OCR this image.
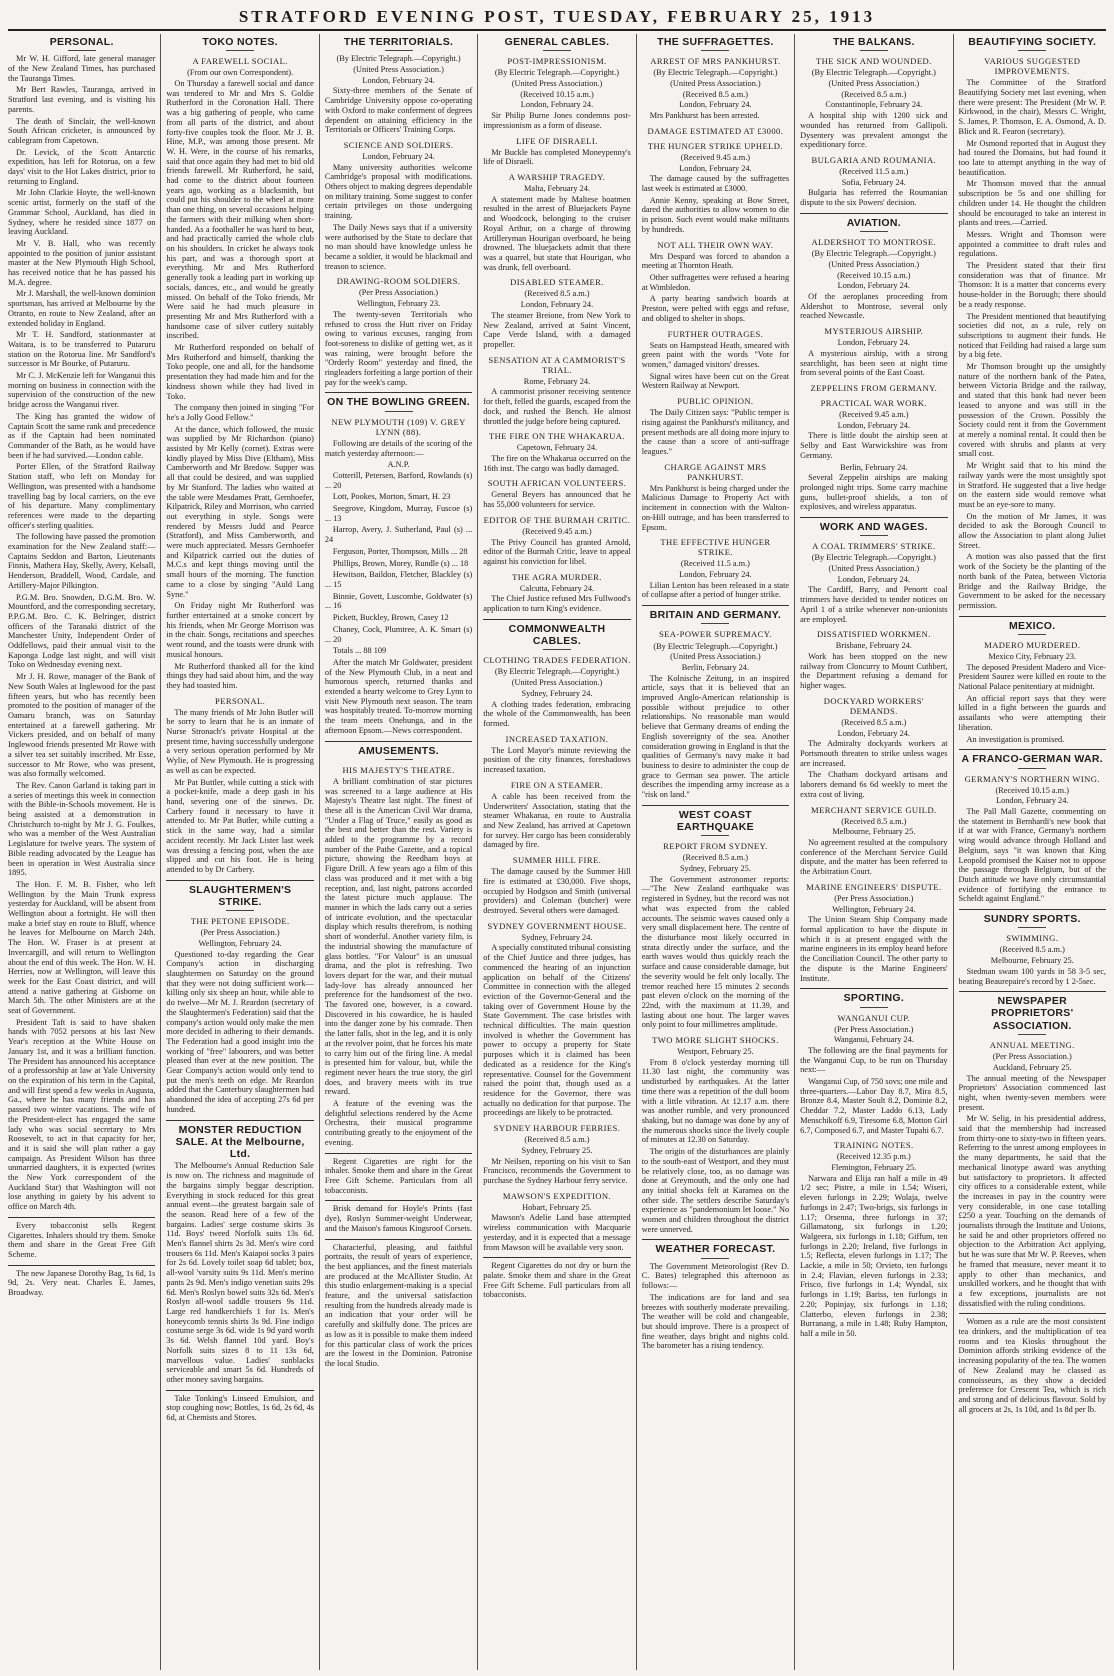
STRATFORD EVENING POST, TUESDAY, FEBRUARY 25, 1913
PERSONAL.

Mr W. H. Gifford, late general manager of the New Zealand Times, has purchased the Tauranga Times.

Mr Bert Rawles, Tauranga, arrived in Stratford last evening, and is visiting his parents.

The death of Sinclair, the well-known South African cricketer, is announced by cablegram from Capetown.

Dr. Levick, of the Scott Antarctic expedition, has left for Rotorua, on a few days' visit to the Hot Lakes district, prior to returning to England.

Mr John Clarkie Hoyte, the well-known scenic artist, formerly on the staff of the Grammar School, Auckland, has died in Sydney, where he resided since 1877 on leaving Auckland.

Mr V. B. Hall, who was recently appointed to the position of junior assistant master at the New Plymouth High School, has received notice that he has passed his M.A. degree.

Mr J. Marshall, the well-known dominion sportsman, has arrived at Melbourne by the Otranto, en route to New Zealand, after an extended holiday in England.

Mr T. H. Sandford, stationmaster at Waitara, is to be transferred to Putaruru station on the Rotorua line. Mr Sandford's successor is Mr Bourke, of Putaruru.

Mr C. J. McKenzie left for Wanganui this morning on business in connection with the supervision of the construction of the new bridge across the Wanganui river.

The King has granted the widow of Captain Scott the same rank and precedence as if the Captain had been nominated Commander of the Bath, as he would have been if he had survived.—London cable.

Porter Ellen, of the Stratford Railway Station staff, who left on Monday for Wellington, was presented with a handsome travelling bag by local carriers, on the eve of his departure. Many complimentary references were made to the departing officer's sterling qualities.

The following have passed the promotion examination for the New Zealand staff:—Captains Seddon and Barton, Lieutenants Finnis, Mathera Hay, Skelly, Avery, Kelsall, Henderson, Braddell, Wood, Cardale, and Artillery-Major Pilkington.

P.G.M. Bro. Snowden, D.G.M. Bro. W. Mountford, and the corresponding secretary, P.P.G.M. Bro. C. K. Belringer, district officers of the Taranaki district of the Manchester Unity, Independent Order of Oddfellows, paid their annual visit to the Kaponga Lodge last night, and will visit Toko on Wednesday evening next.

Mr J. H. Rowe, manager of the Bank of New South Wales at Inglewood for the past fifteen years, but who has recently been promoted to the position of manager of the Oamaru branch, was on Saturday entertained at a farewell gathering. Mr Vickers presided, and on behalf of many Inglewood friends presented Mr Rowe with a silver tea set suitably inscribed. Mr Esse, successor to Mr Rowe, who was present, was also formally welcomed.

The Rev. Canon Garland is taking part in a series of meetings this week in connection with the Bible-in-Schools movement. He is being assisted at a demonstration in Christchurch to-night by Mr J. G. Foulkes, who was a member of the West Australian Legislature for twelve years. The system of Bible reading advocated by the League has been in operation in West Australia since 1895.

The Hon. F. M. B. Fisher, who left Wellington by the Main Trunk express yesterday for Auckland, will be absent from Wellington about a fortnight. He will then make a brief stay en route to Bluff, whence he leaves for Melbourne on March 24th. The Hon. W. Fraser is at present at Invercargill, and will return to Wellington about the end of this week. The Hon. W. H. Herries, now at Wellington, will leave this week for the East Coast district, and will attend a native gathering at Gisborne on March 5th. The other Ministers are at the seat of Government.

President Taft is said to have shaken hands with 7052 persons at his last New Year's reception at the White House on January 1st, and it was a brilliant function. The President has announced his acceptance of a professorship at law at Yale University on the expiration of his term in the Capital, and will first spend a few weeks in Augusta, Ga., where he has many friends and has passed two winter vacations. The wife of the President-elect has engaged the same lady who was social secretary to Mrs Roosevelt, to act in that capacity for her, and it is said she will plan rather a gay campaign. As President Wilson has three unmarried daughters, it is expected (writes the New York correspondent of the Auckland Star) that Washington will not lose anything in gaiety by his advent to office on March 4th.

Every tobacconist sells Regent Cigarettes. Inhalers should try them. Smoke them and share in the Great Free Gift Scheme.

The new Japanese Dorothy Bag, 1s 6d, 1s 9d, 2s. Very neat. Charles E. James, Broadway.

TOKO NOTES.
A FAREWELL SOCIAL.
(From our own Correspondent).

On Thursday a farewell social and dance was tendered to Mr and Mrs S. Goldie Rutherford in the Coronation Hall. There was a big gathering of people, who came from all parts of the district, and about forty-five couples took the floor. Mr J. B. Hine, M.P., was among those present. Mr W. H. Were, in the course of his remarks, said that once again they had met to bid old friends farewell. Mr Rutherford, he said, had come to the district about fourteen years ago, working as a blacksmith, but could put his shoulder to the wheel at more than one thing, on several occasions helping the farmers with their milking when short-handed. As a footballer he was hard to beat, and had practically carried the whole club on his shoulders. In cricket he always took his part, and was a thorough sport at everything. Mr and Mrs Rutherford generally took a leading part in working up socials, dances, etc., and would be greatly missed. On behalf of the Toko friends, Mr Were said he had much pleasure in presenting Mr and Mrs Rutherford with a handsome case of silver cutlery suitably inscribed.

Mr Rutherford responded on behalf of Mrs Rutherford and himself, thanking the Toko people, one and all, for the handsome presentation they had made him and for the kindness shown while they had lived in Toko.

The company then joined in singing "For he's a Jolly Good Fellow."

At the dance, which followed, the music was supplied by Mr Richardson (piano) assisted by Mr Kelly (cornet). Extras were kindly played by Miss Dive (Eltham), Miss Camberworth and Mr Bredow. Supper was all that could be desired, and was supplied by Mr Stanford. The ladies who waited at the table were Mesdames Pratt, Gernhoefer, Kilpatrick, Riley and Morrison, who carried out everything in style. Songs were rendered by Messrs Judd and Pearce (Stratford), and Miss Camberworth, and were much appreciated. Messrs Gernhoefer and Kilpatrick carried out the duties of M.C.s and kept things moving until the small hours of the morning. The function came to a close by singing "Auld Lang Syne."

On Friday night Mr Rutherford was further entertained at a smoke concert by his friends, when Mr George Morrison was in the chair. Songs, recitations and speeches went round, and the toasts were drunk with musical honours.

Mr Rutherford thanked all for the kind things they had said about him, and the way they had toasted him.

PERSONAL.

The many friends of Mr John Butler will be sorry to learn that he is an inmate of Nurse Stronach's private Hospital at the present time, having successfully undergone a very serious operation performed by Mr Wylie, of New Plymouth. He is progressing as well as can be expected.

Mr Pat Buttler, while cutting a stick with a pocket-knife, made a deep gash in his hand, severing one of the sinews. Dr. Carbery found it necessary to have it attended to. Mr Pat Butler, while cutting a stick in the same way, had a similar accident recently. Mr Jack Lister last week was dressing a fencing post, when the axe slipped and cut his foot. He is being attended to by Dr Carbery.

SLAUGHTERMEN'S STRIKE.
THE PETONE EPISODE.
(Per Press Association.)
Wellington, February 24.

Questioned to-day regarding the Gear Company's action in discharging slaughtermen on Saturday on the ground that they were not doing sufficient work—killing only six sheep an hour, while able to do twelve—Mr M. J. Reardon (secretary of the Slaughtermen's Federation) said that the company's action would only make the men more decided in adhering to their demands. The Federation had a good insight into the working of "free" labourers, and was better pleased than ever at the new position. The Gear Company's action would only tend to put the men's teeth on edge. Mr Reardon added that the Canterbury slaughtermen had abandoned the idea of accepting 27s 6d per hundred.

MONSTER REDUCTION SALE. At the Melbourne, Ltd.

The Melbourne's Annual Reduction Sale is now on. The richness and magnitude of the bargains simply beggar description. Everything in stock reduced for this great annual event—the greatest bargain sale of the season. Read here of a few of the bargains. Ladies' serge costume skirts 3s 11d. Boys' tweed Norfolk suits 13s 6d. Men's flannel shirts 2s 3d. Men's wire cord trousers 6s 11d. Men's Kaiapoi socks 3 pairs for 2s 6d. Lovely toilet soap 6d tablet; box, all-wool 'varsity suits 9s 11d. Men's merino pants 2s 9d. Men's indigo venetian suits 29s 6d. Men's Roslyn bowel suits 32s 6d. Men's Roslyn all-wool saddle trousers 9s 11d. Large red handkerchiefs 1 for 1s. Men's honeycomb tennis shirts 3s 9d. Fine indigo costume serge 3s 6d. wide 1s 9d yard worth 3s 6d. Welsh flannel 10d yard. Boy's Norfolk suits sizes 8 to 11 13s 6d, marvellous value. Ladies' sunblacks serviceable and smart 5s 6d. Hundreds of other money saving bargains.

Take Tonking's Linseed Emulsion, and stop coughing now; Bottles, 1s 6d, 2s 6d, 4s 6d, at Chemists and Stores.

THE TERRITORIALS.
(By Electric Telegraph.—Copyright.)
(United Press Association.)
London, February 24.

Sixty-three members of the Senate of Cambridge University oppose co-operating with Oxford to make conferment of degrees dependent on attaining efficiency in the Territorials or Officers' Training Corps.

SCIENCE AND SOLDIERS.
London, February 24.

Many university authorities welcome Cambridge's proposal with modifications. Others object to making degrees dependable on military training. Some suggest to confer certain privileges on those undergoing training.

The Daily News says that if a university were authorised by the State to declare that no man should have knowledge unless he became a soldier, it would be blackmail and treason to science.

DRAWING-ROOM SOLDIERS.
(Per Press Association.)
Wellington, February 23.

The twenty-seven Territorials who refused to cross the Hutt river on Friday owing to various excuses, ranging from foot-soreness to dislike of getting wet, as it was raining, were brought before the "Orderly Room" yesterday and fined, the ringleaders forfeiting a large portion of their pay for the week's camp.

ON THE BOWLING GREEN.
NEW PLYMOUTH (109) V. GREY LYNN (88).

Following are details of the scoring of the match yesterday afternoon:—

A.N.P.

Cotterill, Petersen, Barford, Rowlands (s) ... 20

Lott, Pookes, Morton, Smart, H. 23

Seegrove, Kingdom, Murray, Fuscoe (s) ... 13

Harrop, Avery, J. Sutherland, Paul (s) ... 24

Ferguson, Porter, Thompson, Mills ... 28

Phillips, Brown, Morey, Rundle (s) ... 18

Hewitson, Baildon, Fletcher, Blackley (s) ... 15

Binnie, Govett, Luscombe, Goldwater (s) ... 16

Pickett, Buckley, Brown, Casey 12

Chaney, Cock, Plumtree, A. K. Smart (s) ... 20

Totals ... 88 109

After the match Mr Goldwater, president of the New Plymouth Club, in a neat and humorous speech, returned thanks and extended a hearty welcome to Grey Lynn to visit New Plymouth next season. The team was hospitably treated. To-morrow morning the team meets Onehunga, and in the afternoon Epsom.—News correspondent.

AMUSEMENTS.
HIS MAJESTY'S THEATRE.

A brilliant combination of star pictures was screened to a large audience at His Majesty's Theatre last night. The finest of these all is the American Civil War drama, "Under a Flag of Truce," easily as good as the best and better than the rest. Variety is added to the programme by a record number of the Pathe Gazette, and a topical picture, showing the Reedham boys at Figure Drill. A few years ago a film of this class was produced and it met with a big reception, and, last night, patrons accorded the latest picture much applause. The manner in which the lads carry out a series of intricate evolution, and the spectacular display which results therefrom, is nothing short of wonderful. Another variety film, is the industrial showing the manufacture of glass bottles. "For Valour" is an unusual drama, and the plot is refreshing. Two lovers depart for the war, and their mutual lady-love has already announced her preference for the handsomest of the two. The favored one, however, is a coward. Discovered in his cowardice, he is hauled into the danger zone by his comrade. Then the latter falls, shot in the leg, and it is only at the revolver point, that he forces his mate to carry him out of the firing line. A medal is presented him for valour, but, while the regiment never hears the true story, the girl does, and bravery meets with its true reward.

A feature of the evening was the delightful selections rendered by the Acme Orchestra, their musical programme contributing greatly to the enjoyment of the evening.

Regent Cigarettes are right for the inhaler. Smoke them and share in the Great Free Gift Scheme. Particulars from all tobacconists.

Brisk demand for Hoyle's Prints (fast dye), Roslyn Summer-weight Underwear, and the Maison's famous Kingsroof Corsets.

Characterful, pleasing, and faithful portraits, the result of years of experience, the best appliances, and the finest materials are produced at the McAllister Studio. At this studio enlargement-making is a special feature, and the universal satisfaction resulting from the hundreds already made is an indication that your order will be carefully and skilfully done. The prices are as low as it is possible to make them indeed for this particular class of work the prices are the lowest in the Dominion. Patronise the local Studio.

GENERAL CABLES.
POST-IMPRESSIONISM.
(By Electric Telegraph.—Copyright.)
(United Press Association.)
(Received 10.15 a.m.)
London, February 24.

Sir Philip Burne Jones condemns post-impressionism as a form of disease.

LIFE OF DISRAELI.

Mr Buckle has completed Moneypenny's life of Disraeli.

A WARSHIP TRAGEDY.
Malta, February 24.

A statement made by Maltese boatmen resulted in the arrest of Bluejackets Payne and Woodcock, belonging to the cruiser Royal Arthur, on a charge of throwing Artilleryman Hourigan overboard, he being drowned. The bluejackets admit that there was a quarrel, but state that Hourigan, who was drunk, fell overboard.

DISABLED STEAMER.
(Received 8.5 a.m.)
London, February 24.

The steamer Breione, from New York to New Zealand, arrived at Saint Vincent, Cape Verde Island, with a damaged propeller.

SENSATION AT A CAMMORIST'S TRIAL.
Rome, February 24.

A cammorist prisoner receiving sentence for theft, felled the guards, escaped from the dock, and rushed the Bench. He almost throttled the judge before being captured.

THE FIRE ON THE WHAKARUA.
Capetown, February 24.

The fire on the Whakarua occurred on the 16th inst. The cargo was badly damaged.

SOUTH AFRICAN VOLUNTEERS.

General Beyers has announced that he has 55,000 volunteers for service.

EDITOR OF THE BURMAH CRITIC.
(Received 9.45 a.m.)

The Privy Council has granted Arnold, editor of the Burmah Critic, leave to appeal against his conviction for libel.

THE AGRA MURDER.
Calcutta, February 24.

The Chief Justice refused Mrs Fullwood's application to turn King's evidence.

COMMONWEALTH CABLES.
CLOTHING TRADES FEDERATION.
(By Electric Telegraph.—Copyright.)
(United Press Association.)
Sydney, February 24.

A clothing trades federation, embracing the whole of the Commonwealth, has been formed.

INCREASED TAXATION.

The Lord Mayor's minute reviewing the position of the city finances, foreshadows increased taxation.

FIRE ON A STEAMER.

A cable has been received from the Underwriters' Association, stating that the steamer Whakarua, en route to Australia and New Zealand, has arrived at Capetown for survey. Her cargo has been considerably damaged by fire.

SUMMER HILL FIRE.

The damage caused by the Summer Hill fire is estimated at £30,000. Five shops, occupied by Hodgson and Smith (universal providers) and Coleman (butcher) were destroyed. Several others were damaged.

SYDNEY GOVERNMENT HOUSE.
Sydney, February 24.

A specially constituted tribunal consisting of the Chief Justice and three judges, has commenced the hearing of an injunction application on behalf of the Citizens' Committee in connection with the alleged eviction of the Governor-General and the taking over of Government House by the State Government. The case bristles with technical difficulties. The main question involved is whether the Government has power to occupy a property for State purposes which it is claimed has been dedicated as a residence for the King's representative. Counsel for the Government raised the point that, though used as a residence for the Governor, there was actually no dedication for that purpose. The proceedings are likely to be protracted.

SYDNEY HARBOUR FERRIES.
(Received 8.5 a.m.)
Sydney, February 25.

Mr Neilsen, reporting on his visit to San Francisco, recommends the Government to purchase the Sydney Harbour ferry service.

MAWSON'S EXPEDITION.
Hobart, February 25.

Mawson's Adelie Land base attempted wireless communication with Macquarie yesterday, and it is expected that a message from Mawson will be available very soon.

Regent Cigarettes do not dry or burn the palate. Smoke them and share in the Great Free Gift Scheme. Full particulars from all tobacconists.

THE SUFFRAGETTES.
ARREST OF MRS PANKHURST.
(By Electric Telegraph.—Copyright.)
(United Press Association.)
(Received 8.5 a.m.)
London, February 24.

Mrs Pankhurst has been arrested.

DAMAGE ESTIMATED AT £3000.
THE HUNGER STRIKE UPHELD.
(Received 9.45 a.m.)
London, February 24.

The damage caused by the suffragettes last week is estimated at £3000.

Annie Kenny, speaking at Bow Street, dared the authorities to allow women to die in prison. Such event would make militants by hundreds.

NOT ALL THEIR OWN WAY.

Mrs Despard was forced to abandon a meeting at Thornton Heath.

Other suffragettes were refused a hearing at Wimbledon.

A party bearing sandwich boards at Preston, were pelted with eggs and refuse, and obliged to shelter in shops.

FURTHER OUTRAGES.

Seats on Hampstead Heath, smeared with green paint with the words "Vote for women," damaged visitors' dresses.

Signal wires have been cut on the Great Western Railway at Newport.

PUBLIC OPINION.

The Daily Citizen says: "Public temper is rising against the Pankhurst's militancy, and present methods are all doing more injury to the cause than a score of anti-suffrage leagues."

CHARGE AGAINST MRS PANKHURST.

Mrs Pankhurst is being charged under the Malicious Damage to Property Act with incitement in connection with the Walton-on-Hill outrage, and has been transferred to Epsom.

THE EFFECTIVE HUNGER STRIKE.
(Received 11.5 a.m.)
London, February 24.

Lilian Lenton has been released in a state of collapse after a period of hunger strike.

BRITAIN AND GERMANY.
SEA-POWER SUPREMACY.
(By Electric Telegraph.—Copyright.)
(United Press Association.)
Berlin, February 24.

The Kolnische Zeitung, in an inspired article, says that it is believed that an improved Anglo-American relationship is possible without prejudice to other relationships. No reasonable man would believe that Germany dreams of ending the English sovereignty of the sea. Another consideration growing in England is that the qualities of Germany's navy make it bad business to desire to administer the coup de grace to German sea power. The article describes the impending army increase as a "risk on land."

WEST COAST EARTHQUAKE
REPORT FROM SYDNEY.
(Received 8.5 a.m.)
Sydney, February 25.

The Government astronomer reports:—"The New Zealand earthquake was registered in Sydney, but the record was not what was expected from the cabled accounts. The seismic waves caused only a very small displacement here. The centre of the disturbance most likely occurred in strata directly under the surface, and the earth waves would thus quickly reach the surface and cause considerable damage, but the severity would be felt only locally. The tremor reached here 15 minutes 2 seconds past eleven o'clock on the morning of the 22nd, with the maximum at 11.39, and lasting about one hour. The larger waves only point to four millimetres amplitude.

TWO MORE SLIGHT SHOCKS.
Westport, February 25.

From 8 o'clock yesterday morning till 11.30 last night, the community was undisturbed by earthquakes. At the latter time there was a repetition of the dull boom with a little vibration. At 12.17 a.m. there was another rumble, and very pronounced shaking, but no damage was done by any of the numerous shocks since the lively couple of minutes at 12.30 on Saturday.

The origin of the disturbances are plainly to the south-east of Westport, and they must be relatively close, too, as no damage was done at Greymouth, and the only one had any initial shocks felt at Karamea on the other side. The settlers describe Saturday's experience as "pandemonium let loose." No women and children throughout the district were unnerved.

WEATHER FORECAST.

The Government Meteorologist (Rev D. C. Bates) telegraphed this afternoon as follows:—

The indications are for land and sea breezes with southerly moderate prevailing. The weather will be cold and changeable, but should improve. There is a prospect of fine weather, days bright and nights cold. The barometer has a rising tendency.

THE BALKANS.
THE SICK AND WOUNDED.
(By Electric Telegraph.—Copyright.)
(United Press Association.)
(Received 8.5 a.m.)
Constantinople, February 24.

A hospital ship with 1200 sick and wounded has returned from Gallipoli. Dysentery was prevalent amongst the expeditionary force.

BULGARIA AND ROUMANIA.
(Received 11.5 a.m.)
Sofia, February 24.

Bulgaria has referred the Roumanian dispute to the six Powers' decision.

AVIATION.
ALDERSHOT TO MONTROSE.
(By Electric Telegraph.—Copyright.)
(United Press Association.)
(Received 10.15 a.m.)
London, February 24.

Of the aeroplanes proceeding from Aldershot to Montrose, several only reached Newcastle.

MYSTERIOUS AIRSHIP.
London, February 24.

A mysterious airship, with a strong searchlight, has been seen at night time from several points of the East Coast.

ZEPPELINS FROM GERMANY.
PRACTICAL WAR WORK.
(Received 9.45 a.m.)
London, February 24.

There is little doubt the airship seen at Selby and East Warwickshire was from Germany.

Berlin, February 24.

Several Zeppelin airships are making prolonged night trips. Some carry machine guns, bullet-proof shields, a ton of explosives, and wireless apparatus.

WORK AND WAGES.
A COAL TRIMMERS' STRIKE.
(By Electric Telegraph.—Copyright.)
(United Press Association.)
London, February 24.

The Cardiff, Barry, and Penortt coal trimmers have decided to tender notices on April 1 of a strike whenever non-unionists are employed.

DISSATISFIED WORKMEN.
Brisbane, February 24.

Work has been stopped on the new railway from Cloncurry to Mount Cuthbert, the Department refusing a demand for higher wages.

DOCKYARD WORKERS' DEMANDS.
(Received 8.5 a.m.)
London, February 24.

The Admiralty dockyards workers at Portsmouth threaten to strike unless wages are increased.

The Chatham dockyard artisans and laborers demand 6s 6d weekly to meet the extra cost of living.

MERCHANT SERVICE GUILD.
(Received 8.5 a.m.)
Melbourne, February 25.

No agreement resulted at the compulsory conference of the Merchant Service Guild dispute, and the matter has been referred to the Arbitration Court.

MARINE ENGINEERS' DISPUTE.
(Per Press Association.)
Wellington, February 24.

The Union Steam Ship Company made formal application to have the dispute in which it is at present engaged with the marine engineers in its employ heard before the Conciliation Council. The other party to the dispute is the Marine Engineers' Institute.

SPORTING.
WANGANUI CUP.
(Per Press Association.)
Wanganui, February 24.

The following are the final payments for the Wanganui Cup, to be run on Thursday next:—

Wanganui Cup, of 750 sovs; one mile and three-quarters.—Labor Day 8.7, Mira 8.5, Bronze 8.4, Master Soult 8.2, Dominie 8.2, Cheddar 7.2, Master Laddo 6.13, Lady Menschikoff 6.9, Tiresome 6.8, Motton Girl 6.7, Composed 6.7, and Master Tupahi 6.7.

TRAINING NOTES.
(Received 12.35 p.m.)
Flemington, February 25.

Narwara and Elija ran half a mile in 49 1/2 sec; Pistre, a mile in 1.54; Wiseri, eleven furlongs in 2.29; Wolaja, twelve furlongs in 2.47; Two-brigs, six furlongs in 1.17; Orsenna, three furlongs in 37; Gillamatong, six furlongs in 1.20; Walgeera, six furlongs in 1.18; Giffum, ten furlongs in 2.20; Ireland, five furlongs in 1.5; Reflecta, eleven furlongs in 1.17; The Lackie, a mile in 50; Orvieto, ten furlongs in 2.4; Flavian, eleven furlongs in 2.33; Frisco, five furlongs in 1.4; Wyndal, six furlongs in 1.19; Bariss, ten furlongs in 2.20; Popinjay, six furlongs in 1.18; Clatterbo, eleven furlongs in 2.38; Burranang, a mile in 1.48; Ruby Hampton, half a mile in 50.

BEAUTIFYING SOCIETY.
VARIOUS SUGGESTED IMPROVEMENTS.

The Committee of the Stratford Beautifying Society met last evening, when there were present: The President (Mr W. P. Kirkwood, in the chair), Messrs C. Wright, S. James, P. Thomson, E. A. Osmond, A. D. Blick and R. Fearon (secretary).

Mr Osmond reported that in August they had toured the Domains, but had found it too late to attempt anything in the way of beautification.

Mr Thomson moved that the annual subscription be 5s and one shilling for children under 14. He thought the children should be encouraged to take an interest in plants and trees.—Carried.

Messrs. Wright and Thomson were appointed a committee to draft rules and regulations.

The President stated that their first consideration was that of finance. Mr Thomson: It is a matter that concerns every house-holder in the Borough; there should be a ready response.

The President mentioned that beautifying societies did not, as a rule, rely on subscriptions to augment their funds. He noticed that Feilding had raised a large sum by a big fete.

Mr Thomson brought up the unsightly nature of the northern bank of the Patea, between Victoria Bridge and the railway, and stated that this bank had never been leased to anyone and was still in the possession of the Crown. Possibly the Society could rent it from the Government at merely a nominal rental. It could then be covered with shrubs and plants at very small cost.

Mr Wright said that to his mind the railway yards were the most unsightly spot in Stratford. He suggested that a live hedge on the eastern side would remove what must be an eye-sore to many.

On the motion of Mr James, it was decided to ask the Borough Council to allow the Association to plant along Juliet Street.

A motion was also passed that the first work of the Society be the planting of the north bank of the Patea, between Victoria Bridge and the Railway Bridge, the Government to be asked for the necessary permission.

MEXICO.
MADERO MURDERED.
Mexico City, February 23.

The deposed President Madero and Vice-President Saurez were killed en route to the National Palace penitentiary at midnight.

An official report says that they were killed in a fight between the guards and assailants who were attempting their liberation.

An investigation is promised.

A FRANCO-GERMAN WAR.
GERMANY'S NORTHERN WING.
(Received 10.15 a.m.)
London, February 24.

The Pall Mall Gazette, commenting on the statement in Bernhardi's new book that if at war with France, Germany's northern wing would advance through Holland and Belgium, says "it was known that King Leopold promised the Kaiser not to oppose the passage through Belgium, but of the Dutch attitude we have only circumstantial evidence of fortifying the entrance to Scheldt against England."

SUNDRY SPORTS.
SWIMMING.
(Received 8.5 a.m.)
Melbourne, February 25.

Stedman swam 100 yards in 58 3-5 sec, beating Beaurepaire's record by 1 2-5sec.

NEWSPAPER PROPRIETORS' ASSOCIATION.
ANNUAL MEETING.
(Per Press Association.)
Auckland, February 25.

The annual meeting of the Newspaper Proprietors' Association commenced last night, when twenty-seven members were present.

Mr W. Selig, in his presidential address, said that the membership had increased from thirty-one to sixty-two in fifteen years. Referring to the unrest among employees in the many departments, he said that the mechanical linotype award was anything but satisfactory to proprietors. It affected city offices to a considerable extent, while the increases in pay in the country were very considerable, in one case totalling £250 a year. Touching on the demands of journalists through the Institute and Unions, he said he and other proprietors offered no objection to the Arbitration Act applying, but he was sure that Mr W. P. Reeves, when he framed that measure, never meant it to apply to other than mechanics, and unskilled workers, and he thought that with a few exceptions, journalists are not dissatisfied with the ruling conditions.

Women as a rule are the most consistent tea drinkers, and the multiplication of tea rooms and tea Kiosks throughout the Dominion affords striking evidence of the increasing popularity of the tea. The women of New Zealand may be classed as connoisseurs, as they show a decided preference for Crescent Tea, which is rich and strong and of delicious flavour. Sold by all grocers at 2s, 1s 10d, and 1s 8d per lb.
